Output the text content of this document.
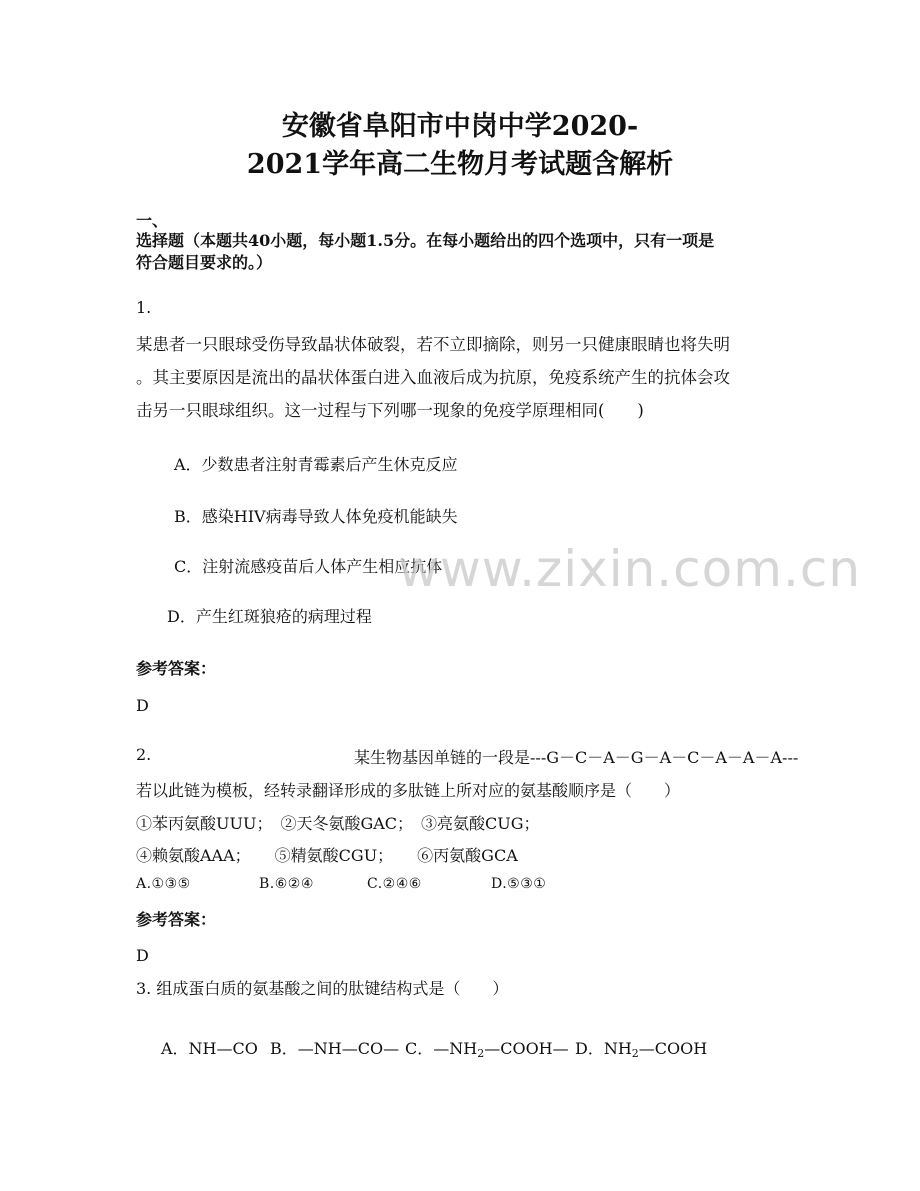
安徽省阜阳市中岗中学2020-
2021学年高二生物月考试题含解析
一、
选择题（本题共40小题，每小题1.5分。在每小题给出的四个选项中，只有一项是
符合题目要求的。）
1.
某患者一只眼球受伤导致晶状体破裂，若不立即摘除，则另一只健康眼睛也将失明
。其主要原因是流出的晶状体蛋白进入血液后成为抗原，免疫系统产生的抗体会攻
击另一只眼球组织。这一过程与下列哪一现象的免疫学原理相同(　　)
A．少数患者注射青霉素后产生休克反应
B．感染HIV病毒导致人体免疫机能缺失
C．注射流感疫苗后人体产生相应抗体
D．产生红斑狼疮的病理过程
参考答案：
D
2.	某生物基因单链的一段是---G－C－A－G－A－C－A－A－A---
若以此链为模板，经转录翻译形成的多肽链上所对应的氨基酸顺序是（　　）
①苯丙氨酸UUU；　②天冬氨酸GAC；　③亮氨酸CUG；
④赖氨酸AAA；　　⑤精氨酸CGU；　　⑥丙氨酸GCA
A.①③⑤	B.⑥②④	C.②④⑥	D.⑤③①
参考答案：
D
3. 组成蛋白质的氨基酸之间的肽键结构式是（　　）
A．NH—CO B．—NH—CO— C．$—NH_2—COOH—$ D．$NH_2—COOH$
www.zixin.com.cn
